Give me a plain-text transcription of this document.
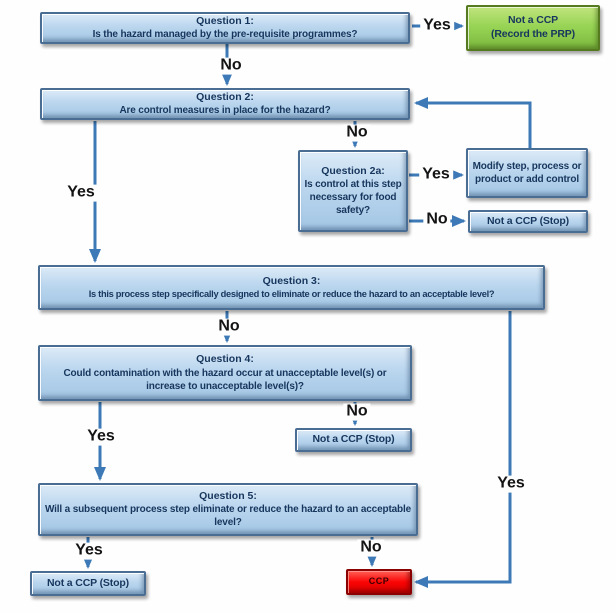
Question 1:
Is the hazard managed by the pre-requisite programmes?
Not a CCP
(Record the PRP)
Question 2:
Are control measures in place for the hazard?
Question 2a:
Is control at this step necessary for food safety?
Modify step, process or product or add control
Not a CCP (Stop)
Question 3:
Is this process step specifically designed to eliminate or reduce the hazard to an acceptable level?
Question 4:
Could contamination with the hazard occur at unacceptable level(s) or increase to unacceptable level(s)?
Not a CCP (Stop)
Question 5:
Will a subsequent process step eliminate or reduce the hazard to an acceptable level?
Not a CCP (Stop)	CCP
Yes
No
Yes
No
Yes
No
No
Yes
No
Yes
Yes	No
